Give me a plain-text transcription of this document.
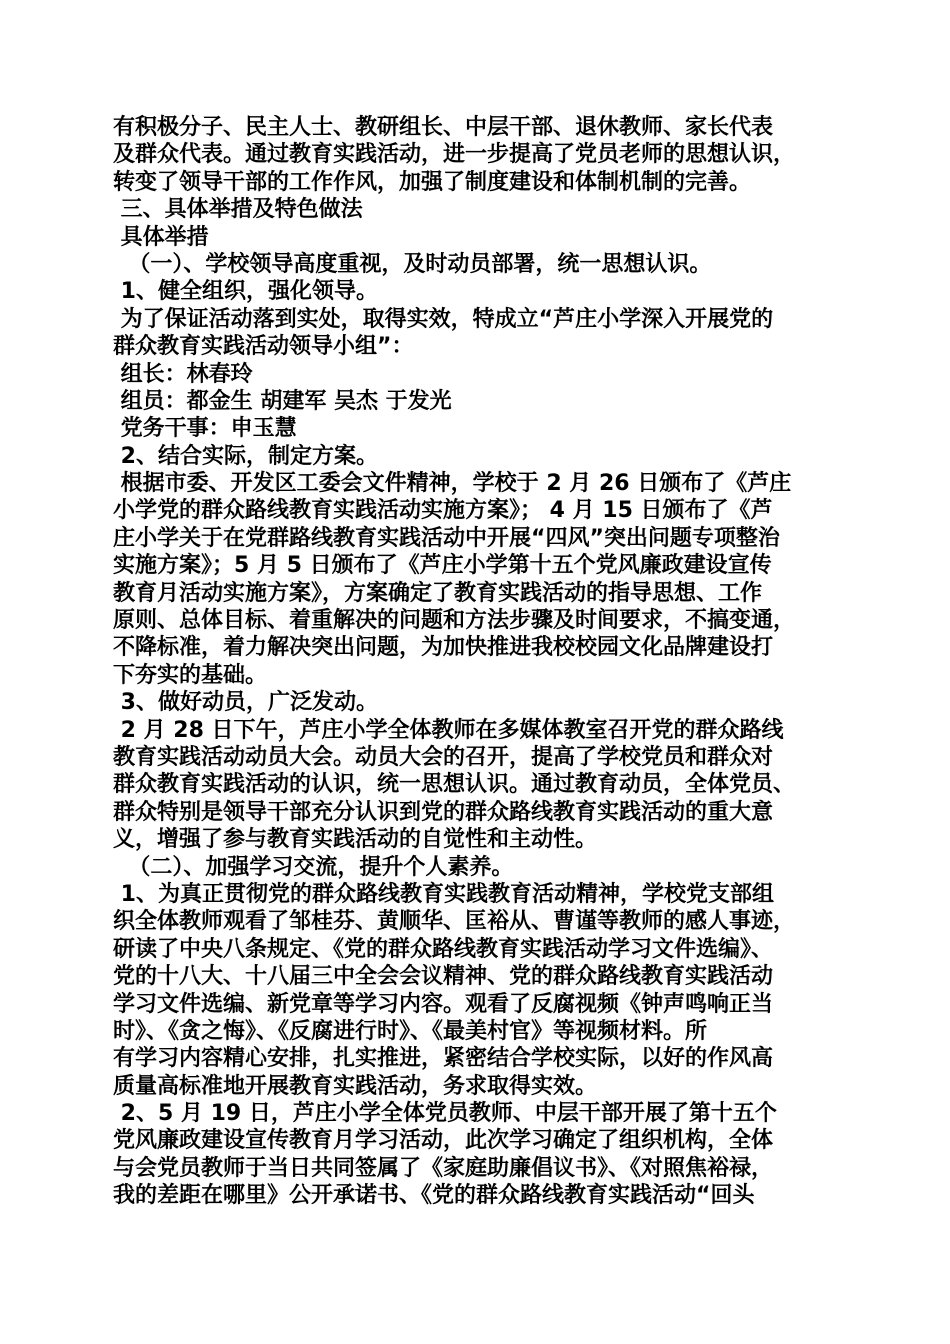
有积极分子、民主人士、教研组长、中层干部、退休教师、家长代表
及群众代表。通过教育实践活动，进一步提高了党员老师的思想认识，
转变了领导干部的工作作风，加强了制度建设和体制机制的完善。
三、具体举措及特色做法
具体举措
（一）、学校领导高度重视，及时动员部署，统一思想认识。
1、健全组织，强化领导。
为了保证活动落到实处，取得实效，特成立“芦庄小学深入开展党的
群众教育实践活动领导小组”：
组长：林春玲
组员：都金生 胡建军 吴杰 于发光
党务干事：申玉慧
2、结合实际，制定方案。
根据市委、开发区工委会文件精神，学校于 2 月 26 日颁布了《芦庄
小学党的群众路线教育实践活动实施方案》； 4 月 15 日颁布了《芦
庄小学关于在党群路线教育实践活动中开展“四风”突出问题专项整治
实施方案》；5 月 5 日颁布了《芦庄小学第十五个党风廉政建设宣传
教育月活动实施方案》，方案确定了教育实践活动的指导思想、工作
原则、总体目标、着重解决的问题和方法步骤及时间要求，不搞变通，
不降标准，着力解决突出问题，为加快推进我校校园文化品牌建设打
下夯实的基础。
3、做好动员，广泛发动。
2 月 28 日下午，芦庄小学全体教师在多媒体教室召开党的群众路线
教育实践活动动员大会。动员大会的召开，提高了学校党员和群众对
群众教育实践活动的认识，统一思想认识。通过教育动员，全体党员、
群众特别是领导干部充分认识到党的群众路线教育实践活动的重大意
义，增强了参与教育实践活动的自觉性和主动性。
（二）、加强学习交流，提升个人素养。
1、为真正贯彻党的群众路线教育实践教育活动精神，学校党支部组
织全体教师观看了邹桂芬、黄顺华、匡裕从、曹谨等教师的感人事迹，
研读了中央八条规定、《党的群众路线教育实践活动学习文件选编》、
党的十八大、十八届三中全会会议精神、党的群众路线教育实践活动
学习文件选编、新党章等学习内容。观看了反腐视频《钟声鸣响正当
时》、《贪之悔》、《反腐进行时》、《最美村官》等视频材料。所
有学习内容精心安排，扎实推进，紧密结合学校实际，以好的作风高
质量高标准地开展教育实践活动，务求取得实效。
2、5 月 19 日，芦庄小学全体党员教师、中层干部开展了第十五个
党风廉政建设宣传教育月学习活动，此次学习确定了组织机构，全体
与会党员教师于当日共同签属了《家庭助廉倡议书》、《对照焦裕禄，
我的差距在哪里》公开承诺书、《党的群众路线教育实践活动“回头
